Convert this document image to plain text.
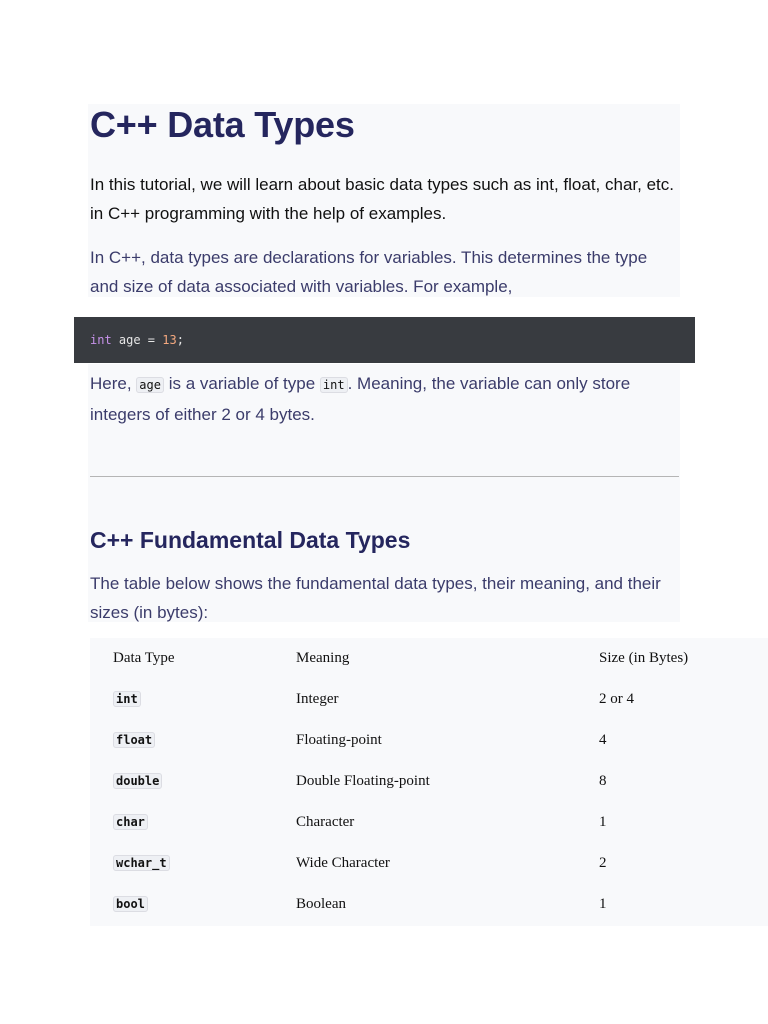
C++ Data Types

In this tutorial, we will learn about basic data types such as int, float, char, etc. in C++ programming with the help of examples.

In C++, data types are declarations for variables. This determines the type and size of data associated with variables. For example,

int age = 13;

Here, age is a variable of type int . Meaning, the variable can only store integers of either 2 or 4 bytes.

C++ Fundamental Data Types

The table below shows the fundamental data types, their meaning, and their sizes (in bytes):

Data Type	Meaning	Size (in Bytes)
int	Integer	2 or 4
float	Floating-point	4
double	Double Floating-point	8
char	Character	1
wchar_t	Wide Character	2
bool	Boolean	1
